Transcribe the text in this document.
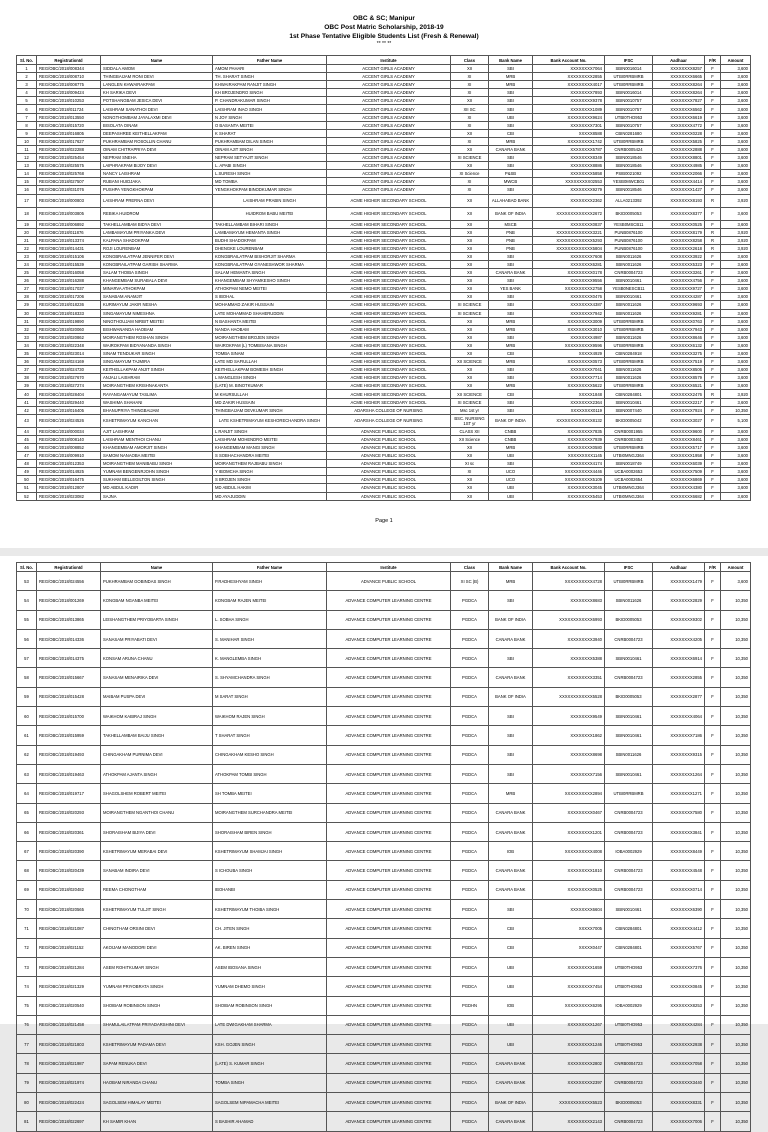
OBC & SC; Manipur
OBC Post Matric Scholarship, 2018-19
1st Phase Tentative Eligible Students List (Fresh & Renewal)
** ** **
Sl. No.	RegistrationId	Name	Father Name	Institute	Class	Bank Name	Bank Account No.	IFSC	Aadhaar	F/R	Amount
1	REG/OBC/2018/008344	SIDDALA AMOM	AMOM PAHARI	ACCENT GIRLS ACADEMY	XII	SBI	XXXXXXXX7064	SBIN0016014	XXXXXXXX8257	F	3,600
2	REG/OBC/2018/008710	THINGBAIJAM RONI DEVI	TH. SHARAT SINGH	ACCENT GIRLS ACADEMY	XI	MRB	XXXXXXXXX2855	UTBI0RRBMRB	XXXXXXXX6665	F	3,600
3	REG/OBC/2018/008775	LANGLEN KHWAIRAKPAM	KHWAIRAKPAM RANJIT SINGH	ACCENT GIRLS ACADEMY	XI	MRB	XXXXXXXXX4017	UTBI0RRBMRB	XXXXXXXX8264	F	3,600
4	REG/OBC/2018/009424	KH SARIKA DEVI	KH BROJENDRO SINGH	ACCENT GIRLS ACADEMY	XI	SBI	XXXXXXXX7893	SBIN0016014	XXXXXXXX8264	F	3,600
5	REG/OBC/2018/010253	POTSHANGBAM JESICA DEVI	P. CHANDRAKUMAR SINGH	ACCENT GIRLS ACADEMY	XII	SBI	XXXXXXXX9378	SBIN0010757	XXXXXXXX7827	F	3,600
6	REG/OBC/2018/011724	LAISHRAM SANATHOI DEVI	LAISHRAM INAO SINGH	ACCENT GIRLS ACADEMY	XII SC	SBI	XXXXXXXX1089	SBIN0010757	XXXXXXXX6562	F	3,600
7	REG/OBC/2018/013550	NONGTHOMBAM JAYALAXMI DEVI	N JOY SINGH	ACCENT GIRLS ACADEMY	XI	UBI	XXXXXXXXX9624	UTBI0THD953	XXXXXXXX6619	F	3,600
8	REG/OBC/2018/015720	BISOLATA OINAM	O BASANTA MEITEI	ACCENT GIRLS ACADEMY	XI	SBI	XXXXXXXX7301	SBIN0010757	XXXXXXXX4772	F	3,600
9	REG/OBC/2018/016805	DEEPASHREE KEITHELLAKPAM	K SHARAT	ACCENT GIRLS ACADEMY	XII	CBI	XXXXX8588	CBIN0281680	XXXXXXXX0228	F	3,600
10	REG/OBC/2018/017627	PUKHRAMBAM ROSOLLIN CHANU	PUKHRAMBAM DILAN SINGH	ACCENT GIRLS ACADEMY	XI	MRB	XXXXXXXXX1742	UTBI0RRBMRB	XXXXXXXX5825	F	3,600
11	REG/OBC/2018/022288	OINAM CHITRAPRIYA DEVI	OINAM AJIT SINGH	ACCENT GIRLS ACADEMY	XII	CANARA BANK	XXXXXXXX5787	CNRB0005424	XXXXXXXX2888	F	3,600
12	REG/OBC/2018/025454	NEPRAM SNEHA	NEPRAM SETYAJIT SINGH	ACCENT GIRLS ACADEMY	XI SCIENCE	SBI	XXXXXXXX8349	SBIN0018546	XXXXXXXX8801	F	3,600
13	REG/OBC/2018/025575	LAIPHRAKPAM BIJOY DEVI	L. APABI SINGH	ACCENT GIRLS ACADEMY	XII	SBI	XXXXXXXX8886	SBIN0018546	XXXXXXXX4985	F	3,600
14	REG/OBC/2018/025768	NANCY LAISHRAM	L.SURESH SINGH	ACCENT GIRLS ACADEMY	XI Science	P&SB	XXXXXXXX5858	PSIB0021092	XXXXXXXX2066	F	3,600
15	REG/OBC/2018/027507	RUBANI HUIDJAKA	MD TOMBA	ACCENT GIRLS ACADEMY	XI	MWCB	XXXXXXXXX02553	YESB0MWCB01	XXXXXXXX4414	F	3,600
16	REG/OBC/2018/031076	PUSHPA YENGKHOKPAM	YENGKHOKPAM BINODKUMAR SINGH	ACCENT GIRLS ACADEMY	XI	SBI	XXXXXXXX9279	SBIN0018546	XXXXXXXX1427	F	3,600
17	REG/OBC/2018/000803	LAISHRAM PRERNA DEVI	LAISHRAM PRABIN SINGH	ACME HIGHER SECONDARY SCHOOL	XII	ALLAHABAD BANK	XXXXXXXX2362	ALLA0213392	XXXXXXXX8193	R	3,920
18	REG/OBC/2018/003805	REBIKA HUIDROM	HUIDROM BABU MEITEI	ACME HIGHER SECONDARY SCHOOL	XII	BANK OF INDIA	XXXXXXXXXXXXX2672	BKID0005053	XXXXXXXX8377	F	3,600
19	REG/OBC/2018/006892	TAKHELLAMBAM BIDYA DEVI	TAKHELLAMBAM BIHARI SINGH	ACME HIGHER SECONDARY SCHOOL	XII	MSCB	XXXXXXXX0837	YESB0MSCB11	XXXXXXXX0525	F	3,600
20	REG/OBC/2018/011876	LAMBAMAYUM PRIYANKA DEVI	LAMBAMAYUM HEMANTA SINGH	ACME HIGHER SECONDARY SCHOOL	XII	PNB	XXXXXXXXXXXXX3221	PUNB0876100	XXXXXXXX8179	R	3,920
21	REG/OBC/2018/013374	KALPANA SHADOKPAM	BUDHI SHADOKPAM	ACME HIGHER SECONDARY SCHOOL	XII	PNB	XXXXXXXXXXXXX5293	PUNB0876100	XXXXXXXX8258	R	3,920
22	REG/OBC/2018/014431	ROJI LOURENBAM	DHENGKE LOURENBAM	ACME HIGHER SECONDARY SCHOOL	XII	PNB	XXXXXXXXXXXXX5804	PUNB0876100	XXXXXXXX2618	R	3,920
23	REG/OBC/2018/015106	KONGBRAILATPAM JENNIFER DEVI	KONGBRAILATPAM BISHORJIT SHARMA	ACME HIGHER SECONDARY SCHOOL	XII	SBI	XXXXXXXX7608	SBIN0011626	XXXXXXXX3922	F	3,600
24	REG/OBC/2018/015539	KONGBRAILATPAM GARISH SHARMA	KONGBRAILATPAM GYANESHWOR SHARMA	ACME HIGHER SECONDARY SCHOOL	XII	SBI	XXXXXXXX6281	SBIN0011626	XXXXXXXX5323	F	3,600
25	REG/OBC/2018/016058	SALAM THOIBA SINGH	SALAM HEMANTA SINGH	ACME HIGHER SECONDARY SCHOOL	XII	CANARA BANK	XXXXXXXXX0178	CNRB0004723	XXXXXXXX3261	F	3,600
26	REG/OBC/2018/016288	KHANGEMBAM SURABALA DEVI	KHANGEMBAM SHYAMKESHO SINGH	ACME HIGHER SECONDARY SCHOOL	XII	SBI	XXXXXXXX9556	SBIN0010461	XXXXXXXX4756	F	3,600
27	REG/OBC/2018/017037	MINARVA ATHOKPAM	ATHOKPAM NEMO MEITEI	ACME HIGHER SECONDARY SCHOOL	XII	YES BANK	XXXXXXXXXX2758	YESB0NESCB11	XXXXXXXX9727	F	3,600
28	REG/OBC/2018/017206	SANABAM ANAMJIT	S IBOHAL	ACME HIGHER SECONDARY SCHOOL	XII	SBI	XXXXXXXX0476	SBIN0010461	XXXXXXXX4287	F	3,600
29	REG/OBC/2018/018236	KURIMAYUM JAKIR NESHA	MOHAMMAD ZAKIR HUSSAIN	ACME HIGHER SECONDARY SCHOOL	XI SCIENCE	SBI	XXXXXXXX4387	SBIN0011626	XXXXXXXX9693	F	3,600
30	REG/OBC/2018/018333	SINGAMAYUM NIMESHNA	LATE MOHAMMAD SHAHERUDDIN	ACME HIGHER SECONDARY SCHOOL	XI SCIENCE	SBI	XXXXXXXX7942	SBIN0011626	XXXXXXXX9281	F	3,600
31	REG/OBC/2018/019890	NINGTHOUJAM NIRBIT MEITEI	N BASHANTA MEITEI	ACME HIGHER SECONDARY SCHOOL	XII	MRB	XXXXXXXXX3009	UTBI0RRBMRB	XXXXXXXX0763	F	3,600
32	REG/OBC/2018/020060	BISHWANANDA HAOBAM	NANDA HAOBAM	ACME HIGHER SECONDARY SCHOOL	XII	MRB	XXXXXXXXX3010	UTBI0RRBMRB	XXXXXXXX7943	F	3,600
33	REG/OBC/2018/020862	MOIRANGTHEM ROSHAN SINGH	MOIRANGTHEM BROJEN SINGH	ACME HIGHER SECONDARY SCHOOL	XII	SBI	XXXXXXXX4987	SBIN0011626	XXXXXXXX8646	F	3,600
34	REG/OBC/2018/022348	WAIROKPAM BIDYANANDA SINGH	WAIROKPAM (L) TOMBISANA SINGH	ACME HIGHER SECONDARY SCHOOL	XII	MRB	XXXXXXXXXX9596	UTBI0RRBMRB	XXXXXXXX6132	F	3,600
35	REG/OBC/2018/023014	SINAM TENDUKAR SINGH	TOMBA SINAM	ACME HIGHER SECONDARY SCHOOL	XII	CBI	XXXXX4929	CBIN0284918	XXXXXXXX3275	F	3,600
36	REG/OBC/2018/024169	SINGAMAYUM TAJMIRA	LATE MD SAFIULLAH	ACME HIGHER SECONDARY SCHOOL	XII SCIENCE	MRB	XXXXXXXXX0573	UTBI0RRBMRB	XXXXXXXX7519	F	3,600
37	REG/OBC/2018/024730	KEITHELLAKPAM ANJIT SINGH	KEITHELLAKPAM BOMESH SINGH	ACME HIGHER SECONDARY SCHOOL	XII	SBI	XXXXXXXX7041	SBIN0011626	XXXXXXXX8506	F	3,600
38	REG/OBC/2018/027670	ANJALI LAISHRAM	L MANGLESH SINGH	ACME HIGHER SECONDARY SCHOOL	XII	SBI	XXXXXXXX7714	SBIN0011626	XXXXXXXX8579	F	3,600
39	REG/OBC/2018/027274	MOIRANGTHEM KRISHNAKANTA	(LATE) M. BINOTKUMAR	ACME HIGHER SECONDARY SCHOOL	XII	MRB	XXXXXXXXX5622	UTBI0RRBMRB	XXXXXXXX6521	F	3,600
40	REG/OBC/2018/028404	RAYANGAMAYUM TASLIMA	M KHURSULLAH	ACME HIGHER SECONDARY SCHOOL	XII SCIENCE	CBI	XXXXX1848	CBIN0284801	XXXXXXXX2476	R	3,920
41	REG/OBC/2018/029440	WASHIMA SHAHANI	MD ZAKIR HUSSAIN	ACME HIGHER SECONDARY SCHOOL	XI SCIENCE	SBI	XXXXXXXX2364	SBIN0010461	XXXXXXXX2217	F	3,600
42	REG/OBC/2018/016405	BHANUPRIYA THINGBAIJAM	THINGBAIJAM DEVKUMAR SINGH	ADARSHA COLLEGE OF NURSING	Msc 1st yr	SBI	XXXXXXXX0119	SBIN0007440	XXXXXXXX7924	F	10,350
43	REG/OBC/2018/024526	KSHETRIMAYUM KANCHAN	LATE KSHETRIMAYUM KESHORECHANDRA SINGH	ADARSHA COLLEGE OF NURSING	BSC. NURSING 1ST yr	BANK OF INDIA	XXXXXXXXXXXXX8132	BKID0005042	XXXXXXXX3027	F	5,100
44	REG/OBC/2018/000034	AJIT LAISHRAM	L RANJIT SINGH	ADVANCE PUBLIC SCHOOL	CLASS XII	CNBB	XXXXXXXXX7835	CNRB0001955	XXXXXXXX9600	F	3,600
45	REG/OBC/2018/008140	LAISHRAM MENTHOI CHANU	LAISHRAM MOHENDRO MEITEI	ADVANCE PUBLIC SCHOOL	XII Science	CNBB	XXXXXXXXX7939	CNRB0003452	XXXXXXXX8461	F	3,600
46	REG/OBC/2018/008852	KHANGEMBAM AMORJIT SINGH	KHANGEMBAM MANGI SINGH	ADVANCE PUBLIC SCHOOL	XII	MRB	XXXXXXXXX0580	UTBI0RRBMRB	XXXXXXXX5717	F	3,600
47	REG/OBC/2018/009910	SAMOM NANAOBA MEITEI	S SOBHACHANDRA MEITEI	ADVANCE PUBLIC SCHOOL	XII	UBI	XXXXXXXXX1145	UTBI0MNGJ364	XXXXXXXX1958	F	3,600
48	REG/OBC/2018/012353	MOIRANGTHEM MANIBABU SINGH	MOIRANGTHEM RAJBABU SINGH	ADVANCE PUBLIC SCHOOL	XI sc	SBI	XXXXXXXX4174	SBIN0018749	XXXXXXXX6039	F	3,600
49	REG/OBC/2018/014925	YUMNAM BENGENRJOHN SINGH	Y IBOMCHA SINGH	ADVANCE PUBLIC SCHOOL	XI	UCO	XXXXXXXXXX4446	UCBA0002653	XXXXXXXX7509	F	3,600
50	REG/OBC/2018/016475	SUKHAM BELLEGILTON SINGH	S BROJEN SINGH	ADVANCE PUBLIC SCHOOL	XII	UCO	XXXXXXXXXX5109	UCBA0002654	XXXXXXXX6869	F	3,600
51	REG/OBC/2018/012807	MD ABDUL KADIR	MD ABDUL HAKIM	ADVANCE PUBLIC SCHOOL	XII	UBI	XXXXXXXXX3045	UTBI0MNGJ364	XXXXXXXX4380	F	3,600
52	REG/OBC/2018/023082	SAJNA	MD AYAJUDDIN	ADVANCE PUBLIC SCHOOL	XII	UBI	XXXXXXXXX5453	UTBI0MNGJ364	XXXXXXXX6682	F	3,600
Page 1
Sl. No.	RegistrationId	Name	Father Name	Institute	Class	Bank Name	Bank Account No.	IFSC	Aadhaar	F/R	Amount
53	REG/OBC/2018/024556	PUKHRAMBAM GOBINDAS SINGH	P.RADHESHYAM SINGH	ADVANCE PUBLIC SCHOOL	XI SC (B)	MRB	XXXXXXXXXX4728	UTBI0RRBMRB	XXXXXXXX1479	F	3,600
54	REG/OBC/2018/001269	KONGBAM NGANBA MEITEI	KONGBAM RAJEN MEITEI	ADVANCE COMPUTER LEARNING CENTRE	PGDCA	SBI	XXXXXXXX8683	SBIN0011626	XXXXXXXX2829	F	10,350
55	REG/OBC/2018/013865	LEISHANGTHEM PRIYOBARTA SINGH	L. SOBHA SINGH	ADVANCE COMPUTER LEARNING CENTRE	PGDCA	BANK OF INDIA	XXXXXXXXXXXX6993	BKID0005053	XXXXXXXX9302	F	10,350
56	REG/OBC/2018/014336	SANASAM PRIYABATI DEVI	S. MANIHAR SINGH	ADVANCE COMPUTER LEARNING CENTRE	PGDCA	CANARA BANK	XXXXXXXXX3940	CNRB0004723	XXXXXXXX4205	F	10,350
57	REG/OBC/2018/014375	KONSAM ARUNA CHANU	K. MANGLEMBA SINGH	ADVANCE COMPUTER LEARNING CENTRE	PGDCA	SBI	XXXXXXXX5388	SBIN0010461	XXXXXXXX6914	F	10,350
58	REG/OBC/2018/015667	SANASAM MENAIRIKA DEVI	S. SHYAMCHANDRA SINGH	ADVANCE COMPUTER LEARNING CENTRE	PGDCA	CANARA BANK	XXXXXXXXX3351	CNRB0004723	XXXXXXXX2855	F	10,350
59	REG/OBC/2018/015428	MAIBAM PUSPA DEVI	M SARAT SINGH	ADVANCE COMPUTER LEARNING CENTRE	PGDCA	BANK OF INDIA	XXXXXXXXXXXX5528	BKID0005053	XXXXXXXX2877	F	10,350
60	REG/OBC/2018/015700	WAIKHOM KABIRAJ SINGH	WAIKHOM RAJEN SINGH	ADVANCE COMPUTER LEARNING CENTRE	PGDCA	SBI	XXXXXXXX9549	SBIN0010461	XXXXXXXX4064	F	10,350
61	REG/OBC/2018/015959	TAKHELLAMBAM BAIJU SINGH	T SHARAT SINGH	ADVANCE COMPUTER LEARNING CENTRE	PGDCA	SBI	XXXXXXXX1862	SBIN0010461	XXXXXXXX7186	F	10,350
62	REG/OBC/2018/019493	CHINGAKHAM PURNIMA DEVI	CHINGAKHAM KESHO SINGH	ADVANCE COMPUTER LEARNING CENTRE	PGDCA	SBI	XXXXXXXX8698	SBIN0011626	XXXXXXXX9315	F	10,350
63	REG/OBC/2018/019463	ATHOKPAM AJANTA SINGH	ATHOKPAM TOMBI SINGH	ADVANCE COMPUTER LEARNING CENTRE	PGDCA	SBI	XXXXXXXX7156	SBIN0010461	XXXXXXXX1264	F	10,350
64	REG/OBC/2018/019717	SHAGOLSHEM ROBERT MEITEI	SH TOMBA MEITEI	ADVANCE COMPUTER LEARNING CENTRE	PGDCA	MRB	XXXXXXXXXX2894	UTBI0RRBMRB	XXXXXXXX1271	F	10,350
65	REG/OBC/2018/020293	MOIRANGTHEM NGANTHOI CHANU	MOIRANGTHEM SURCHANDRA MEITEI	ADVANCE COMPUTER LEARNING CENTRE	PGDCA	CANARA BANK	XXXXXXXXX0467	CNRB0004723	XXXXXXXX7580	F	10,350
66	REG/OBC/2018/020361	SHORAISHAM BIJIYA DEVI	SHORAISHAM BIREN SINGH	ADVANCE COMPUTER LEARNING CENTRE	PGDCA	CANARA BANK	XXXXXXXXX1201	CNRB0004723	XXXXXXXX3841	F	10,350
67	REG/OBC/2018/020390	KSHETRIMAYUM MERABAI DEVI	KSHETRIMAYUM SHAMJAI SINGH	ADVANCE COMPUTER LEARNING CENTRE	PGDCA	IOB	XXXXXXXXXX4008	IOBA0002929	XXXXXXXX8449	F	10,350
68	REG/OBC/2018/020439	SANABAM INDIRA DEVI	S ICHOUBA SINGH	ADVANCE COMPUTER LEARNING CENTRE	PGDCA	CANARA BANK	XXXXXXXXX1810	CNRB0004723	XXXXXXXX4548	F	10,350
69	REG/OBC/2018/020482	REEMA CHONGTHAM	IBOHANBI	ADVANCE COMPUTER LEARNING CENTRE	PGDCA	CANARA BANK	XXXXXXXXX0525	CNRB0004723	XXXXXXXX0714	F	10,350
70	REG/OBC/2018/020565	KSHETRIMAYUM TULJIT SINGH	KSHETRIMAYUM THOIBA SINGH	ADVANCE COMPUTER LEARNING CENTRE	PGDCA	SBI	XXXXXXXX6604	SBIN0010461	XXXXXXXX6390	F	10,350
71	REG/OBC/2018/021087	CHINGTHAM ORSINI DEVI	CH. JITEN SINGH	ADVANCE COMPUTER LEARNING CENTRE	PGDCA	CBI	XXXXX7005	CBIN0284801	XXXXXXXX4412	F	10,350
72	REG/OBC/2018/021152	AKOIJAM MANODORI DEVI	AK. BIREN SINGH	ADVANCE COMPUTER LEARNING CENTRE	PGDCA	CBI	XXXXX0447	CBIN0284801	XXXXXXXX5767	F	10,350
73	REG/OBC/2018/021284	ASEM ROHITKUMAR SINGH	ASEM IBOSANA SINGH	ADVANCE COMPUTER LEARNING CENTRE	PGDCA	UBI	XXXXXXXXX1659	UTBI0THD953	XXXXXXXX7376	F	10,350
74	REG/OBC/2018/021329	YUMNAM PRIYOBRATA SINGH	YUMNAM DHEMO SINGH	ADVANCE COMPUTER LEARNING CENTRE	PGDCA	UBI	XXXXXXXXX7454	UTBI0THD953	XXXXXXXX0845	F	10,350
75	REG/OBC/2018/020540	SHOIBAM ROBINSON SINGH	SHOIBAM ROBINSON SINGH	ADVANCE COMPUTER LEARNING CENTRE	PGDHN	IOB	XXXXXXXXXX6295	IOBA0002929	XXXXXXXX8253	F	10,350
76	REG/OBC/2018/021458	SHAMULAILATPAM PRIYADARSHINI DEVI	LATE DWIGAKHAM SHARMA	ADVANCE COMPUTER LEARNING CENTRE	PGDCA	UBI	XXXXXXXXX1267	UTBI0THD953	XXXXXXXX4284	F	10,350
77	REG/OBC/2018/021803	KSHETRIMAYUM PADAMA DEVI	KSH. GOJEN SINGH	ADVANCE COMPUTER LEARNING CENTRE	PGDCA	UBI	XXXXXXXXX1246	UTBI0THD953	XXXXXXXX2938	F	10,350
78	REG/OBC/2018/021987	SAPAM RENUKA DEVI	(LATE) S. KUMAR SINGH	ADVANCE COMPUTER LEARNING CENTRE	PGDCA	CANARA BANK	XXXXXXXXX2802	CNRB0004723	XXXXXXXX7058	F	10,350
79	REG/OBC/2018/021974	HAOBAM NIRANDA CHANU	TOMBA SINGH	ADVANCE COMPUTER LEARNING CENTRE	PGDCA	CANARA BANK	XXXXXXXXX2397	CNRB0004723	XXXXXXXX3440	F	10,350
80	REG/OBC/2018/022424	SAGOLSEM HIMALAY MEITEI	SAGOLSEM NIPAMACHA MEITEI	ADVANCE COMPUTER LEARNING CENTRE	PGDCA	BANK OF INDIA	XXXXXXXXXXXX5523	BKID0005053	XXXXXXXX8331	F	10,350
81	REG/OBC/2018/022697	KH SAMIR KHAN	S BASHIR AHAMAD	ADVANCE COMPUTER LEARNING CENTRE	PGDCA	CANARA BANK	XXXXXXXXX2143	CNRB0004723	XXXXXXXX7006	F	10,350
